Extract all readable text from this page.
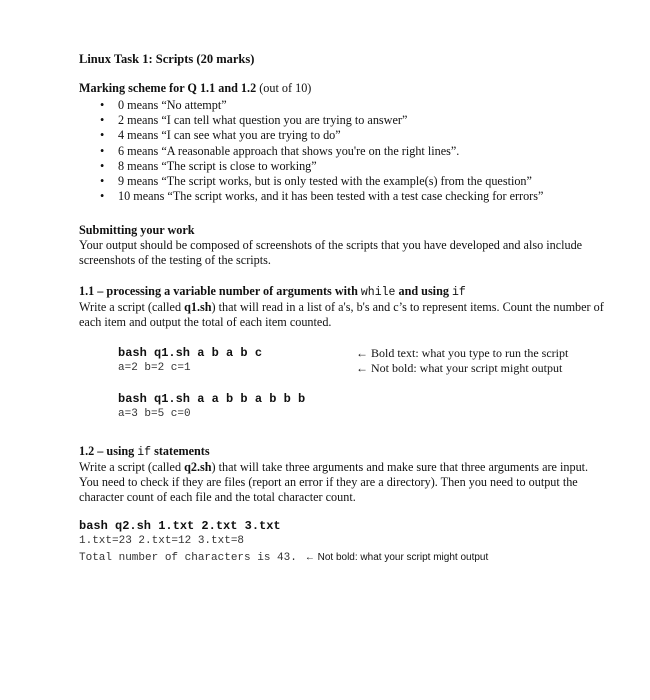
Linux Task 1: Scripts (20 marks)

Marking scheme for Q 1.1 and 1.2 (out of 10)

• 0 means “No attempt”
• 2 means “I can tell what question you are trying to answer”
• 4 means “I can see what you are trying to do”
• 6 means “A reasonable approach that shows you're on the right lines”.
• 8 means “The script is close to working”
• 9 means “The script works, but is only tested with the example(s) from the question”
• 10 means “The script works, and it has been tested with a test case checking for errors”

Submitting your work

Your output should be composed of screenshots of the scripts that you have developed and also include screenshots of the testing of the scripts.

1.1 – processing a variable number of arguments with while and using if

Write a script (called q1.sh) that will read in a list of a's, b's and c’s to represent items. Count the number of each item and output the total of each item counted.

bash q1.sh a b a b c
a=2 b=2 c=1
← Bold text: what you type to run the script
← Not bold: what your script might output
bash q1.sh a a b b a b b b
a=3 b=5 c=0

1.2 – using if statements

Write a script (called q2.sh) that will take three arguments and make sure that three arguments are input. You need to check if they are files (report an error if they are a directory). Then you need to output the character count of each file and the total character count.

bash q2.sh 1.txt 2.txt 3.txt
1.txt=23 2.txt=12 3.txt=8
Total number of characters is 43. ← Not bold: what your script might output
